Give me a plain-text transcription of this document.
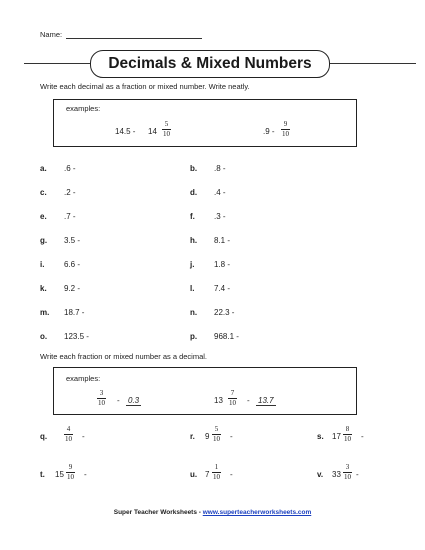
Name:
Decimals & Mixed Numbers
Write each decimal as a fraction or mixed number. Write neatly.
examples:
$14.5 - 14 \frac{5}{10}$	$.9 - \frac{9}{10}$
a. .6 -	b. .8 -
c. .2 -	d. .4 -
e. .7 -	f. .3 -
g. 3.5 -	h. 8.1 -
i. 6.6 -	j. 1.8 -
k. 9.2 -	l. 7.4 -
m. 18.7 -	n. 22.3 -
o. 123.5 -	p. 968.1 -
Write each fraction or mixed number as a decimal.
examples:
$\frac{3}{10} - 0.3$	$13 \frac{7}{10} - 13.7$
q. $\frac{4}{10}$ -	r. $9 \frac{5}{10}$ -	s. $17 \frac{8}{10}$ -
t. $15 \frac{9}{10}$ -	u. $7 \frac{1}{10}$ -	v. $33 \frac{3}{10}$ -
Super Teacher Worksheets - www.superteacherworksheets.com
